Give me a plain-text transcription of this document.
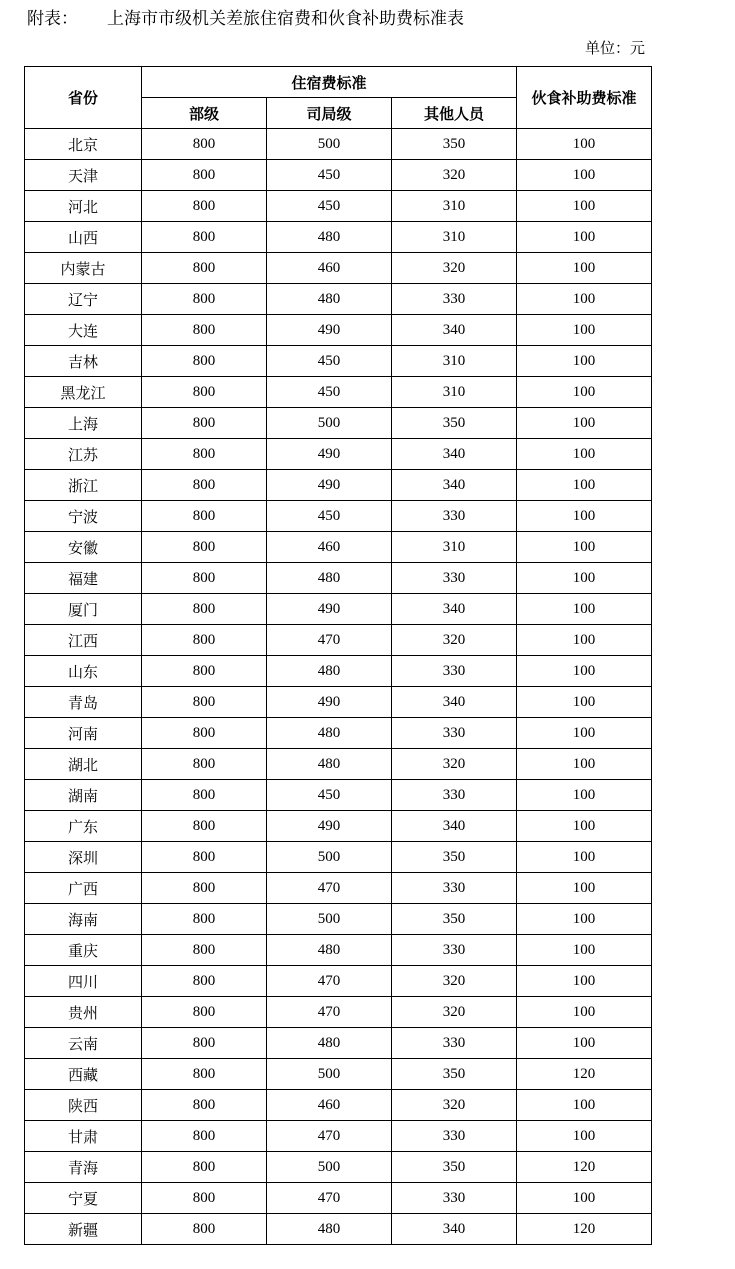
附表： 上海市市级机关差旅住宿费和伙食补助费标准表
单位：元
省份	住宿费标准			伙食补助费标准
	部级	司局级	其他人员	
北京	800	500	350	100
天津	800	450	320	100
河北	800	450	310	100
山西	800	480	310	100
内蒙古	800	460	320	100
辽宁	800	480	330	100
大连	800	490	340	100
吉林	800	450	310	100
黑龙江	800	450	310	100
上海	800	500	350	100
江苏	800	490	340	100
浙江	800	490	340	100
宁波	800	450	330	100
安徽	800	460	310	100
福建	800	480	330	100
厦门	800	490	340	100
江西	800	470	320	100
山东	800	480	330	100
青岛	800	490	340	100
河南	800	480	330	100
湖北	800	480	320	100
湖南	800	450	330	100
广东	800	490	340	100
深圳	800	500	350	100
广西	800	470	330	100
海南	800	500	350	100
重庆	800	480	330	100
四川	800	470	320	100
贵州	800	470	320	100
云南	800	480	330	100
西藏	800	500	350	120
陕西	800	460	320	100
甘肃	800	470	330	100
青海	800	500	350	120
宁夏	800	470	330	100
新疆	800	480	340	120
